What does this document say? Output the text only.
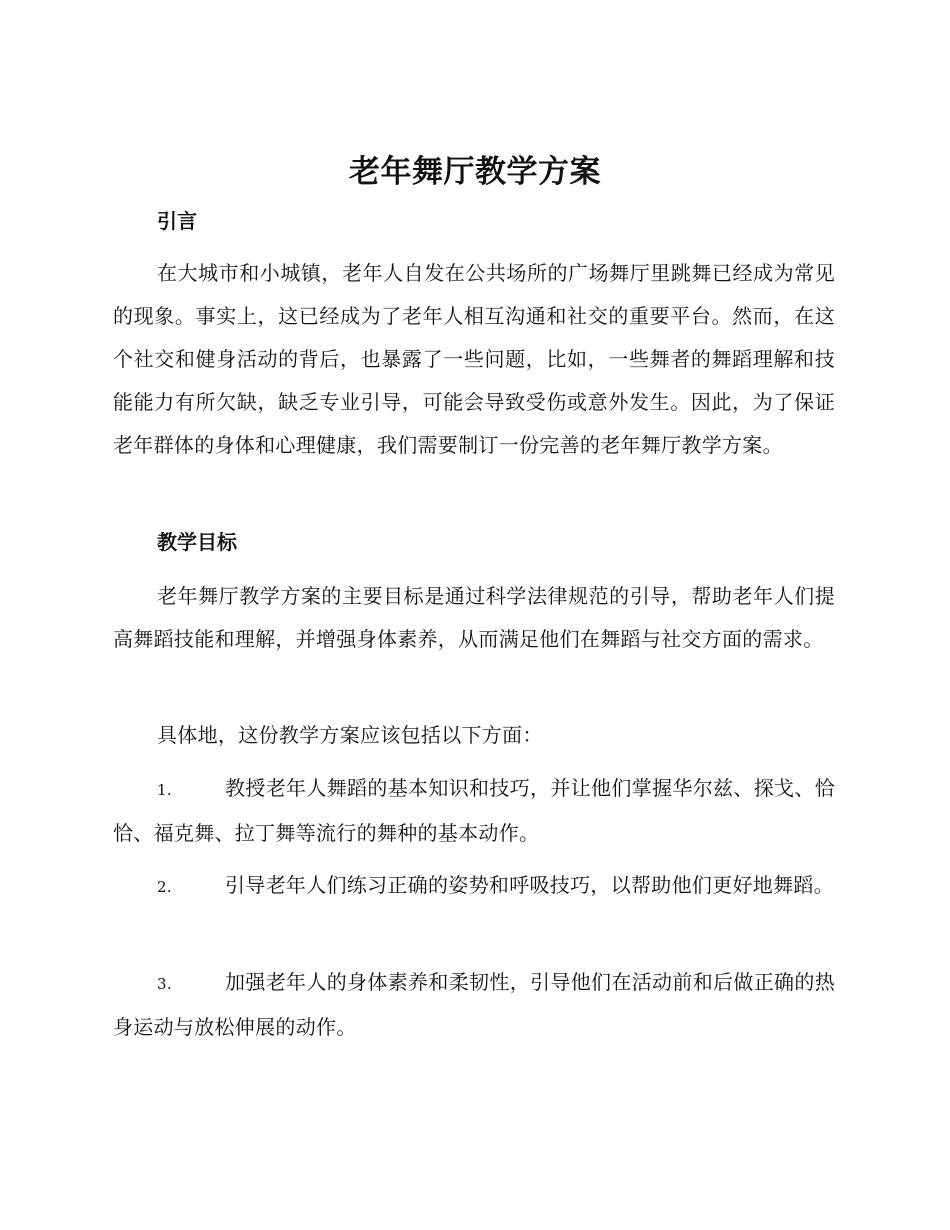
老年舞厅教学方案
引言
在大城市和小城镇，老年人自发在公共场所的广场舞厅里跳舞已经成为常见的现象。事实上，这已经成为了老年人相互沟通和社交的重要平台。然而，在这个社交和健身活动的背后，也暴露了一些问题，比如，一些舞者的舞蹈理解和技能能力有所欠缺，缺乏专业引导，可能会导致受伤或意外发生。因此，为了保证老年群体的身体和心理健康，我们需要制订一份完善的老年舞厅教学方案。
教学目标
老年舞厅教学方案的主要目标是通过科学法律规范的引导，帮助老年人们提高舞蹈技能和理解，并增强身体素养，从而满足他们在舞蹈与社交方面的需求。
具体地，这份教学方案应该包括以下方面：
1.	教授老年人舞蹈的基本知识和技巧，并让他们掌握华尔兹、探戈、恰恰、福克舞、拉丁舞等流行的舞种的基本动作。
2.	引导老年人们练习正确的姿势和呼吸技巧，以帮助他们更好地舞蹈。
3.	加强老年人的身体素养和柔韧性，引导他们在活动前和后做正确的热身运动与放松伸展的动作。
